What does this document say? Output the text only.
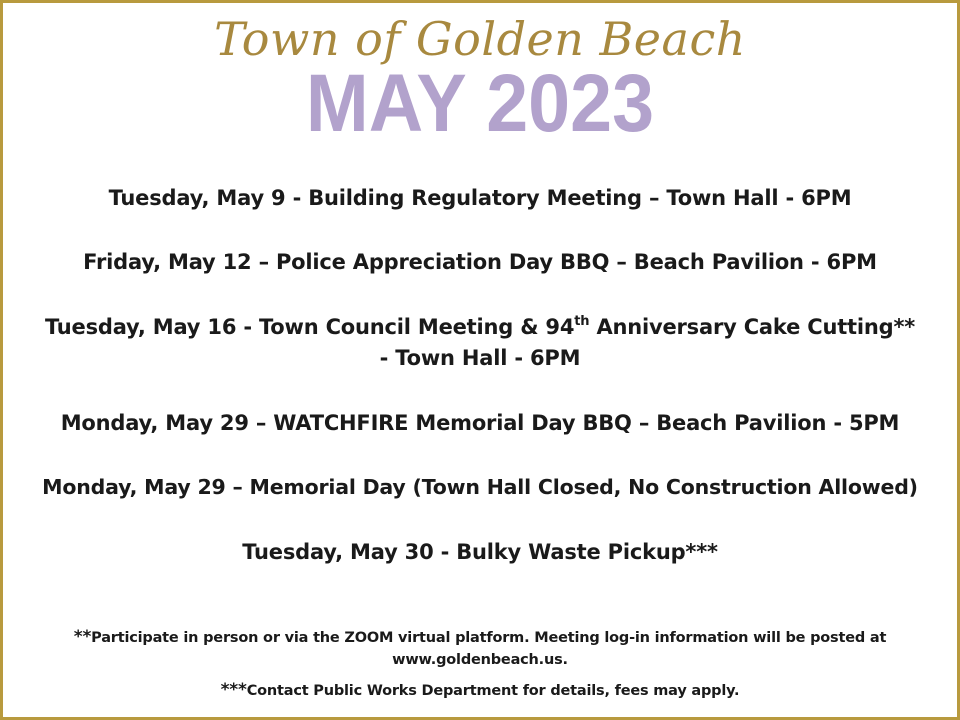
Town of Golden Beach
MAY 2023
Tuesday, May 9 - Building Regulatory Meeting – Town Hall - 6PM
Friday, May 12 – Police Appreciation Day BBQ – Beach Pavilion - 6PM
Tuesday, May 16 - Town Council Meeting & 94th Anniversary Cake Cutting**
- Town Hall - 6PM
Monday, May 29 – WATCHFIRE Memorial Day BBQ – Beach Pavilion - 5PM
Monday, May 29 – Memorial Day (Town Hall Closed, No Construction Allowed)
Tuesday, May 30 - Bulky Waste Pickup***
**Participate in person or via the ZOOM virtual platform. Meeting log-in information will be posted at
www.goldenbeach.us.
***Contact Public Works Department for details, fees may apply.
